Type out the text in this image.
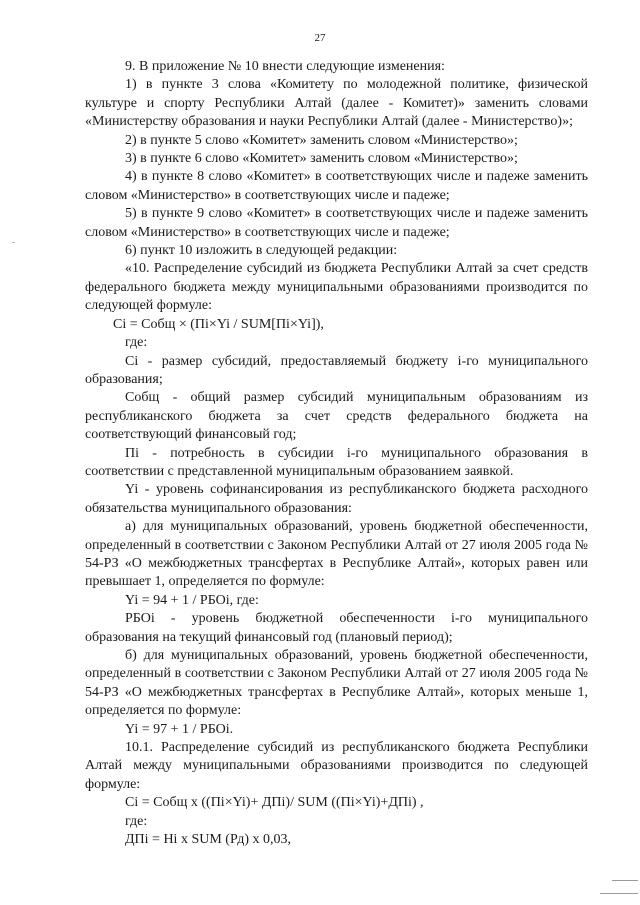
27

9. В приложение № 10 внести следующие изменения:

1) в пункте 3 слова «Комитету по молодежной политике, физической культуре и спорту Республики Алтай (далее - Комитет)» заменить словами «Министерству образования и науки Республики Алтай (далее - Министерство)»;

2) в пункте 5 слово «Комитет» заменить словом «Министерство»;

3) в пункте 6 слово «Комитет» заменить словом «Министерство»;

4) в пункте 8 слово «Комитет» в соответствующих числе и падеже заменить словом «Министерство» в соответствующих числе и падеже;

5) в пункте 9 слово «Комитет» в соответствующих числе и падеже заменить словом «Министерство» в соответствующих числе и падеже;

6) пункт 10 изложить в следующей редакции:

«10. Распределение субсидий из бюджета Республики Алтай за счет средств федерального бюджета между муниципальными образованиями производится по следующей формуле:

Ci = Cобщ × (Пi×Yi / SUM[Пi×Yi]),

где:

Ci - размер субсидий, предоставляемый бюджету i-го муниципального образования;

Cобщ - общий размер субсидий муниципальным образованиям из республиканского бюджета за счет средств федерального бюджета на соответствующий финансовый год;

Пi - потребность в субсидии i-го муниципального образования в соответствии с представленной муниципальным образованием заявкой.

Yi - уровень софинансирования из республиканского бюджета расходного обязательства муниципального образования:

а) для муниципальных образований, уровень бюджетной обеспеченности, определенный в соответствии с Законом Республики Алтай от 27 июля 2005 года № 54-РЗ «О межбюджетных трансфертах в Республике Алтай», которых равен или превышает 1, определяется по формуле:

Yi = 94 + 1 / РБОi, где:

РБОi - уровень бюджетной обеспеченности i-го муниципального образования на текущий финансовый год (плановый период);

б) для муниципальных образований, уровень бюджетной обеспеченности, определенный в соответствии с Законом Республики Алтай от 27 июля 2005 года № 54-РЗ «О межбюджетных трансфертах в Республике Алтай», которых меньше 1, определяется по формуле:

Yi = 97 + 1 / РБОi.

10.1. Распределение субсидий из республиканского бюджета Республики Алтай между муниципальными образованиями производится по следующей формуле:

Ci = Cобщ x ((Пi×Yi)+ ДПi)/ SUM ((Пi×Yi)+ДПi) ,

где:

ДПi = Hi x SUM (Рд) x 0,03,
